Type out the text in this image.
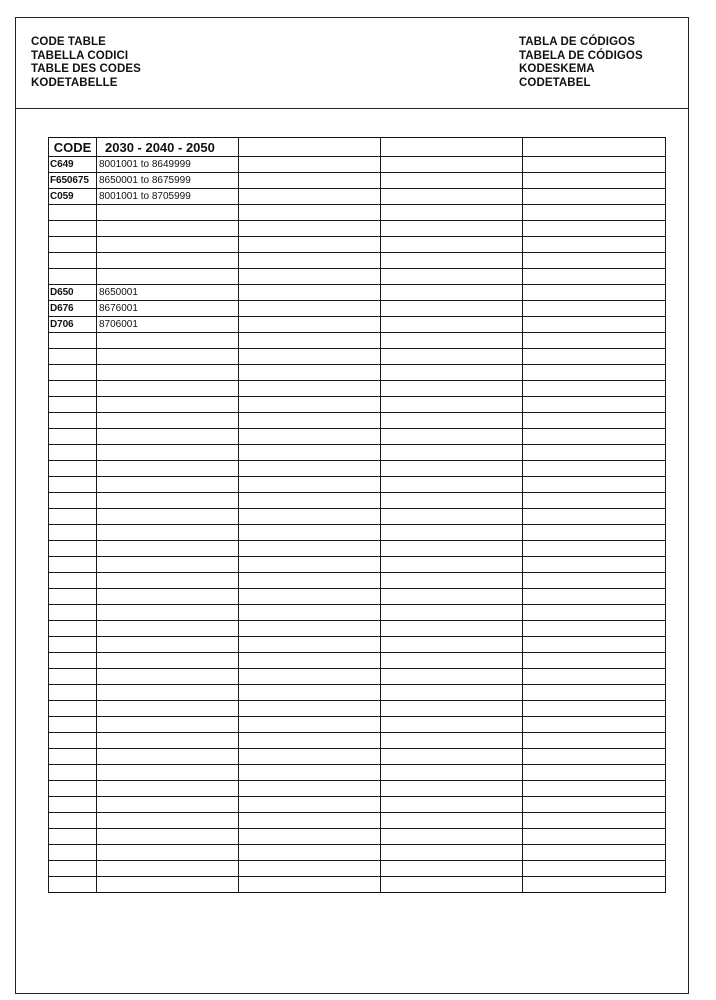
CODE TABLE
TABELLA CODICI
TABLE DES CODES
KODETABELLE
TABLA DE CÓDIGOS
TABELA DE CÓDIGOS
KODESKEMA
CODETABEL
CODE	2030 - 2040 - 2050			
C649	8001001 to 8649999			
F650675	8650001 to 8675999			
C059	8001001 to 8705999			

D650	8650001			
D676	8676001			
D706	8706001			
